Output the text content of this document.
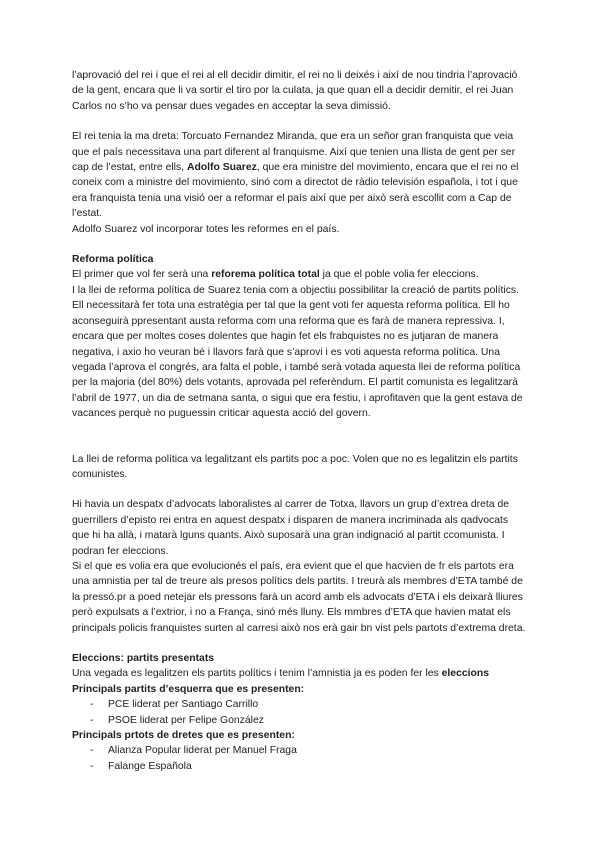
l’aprovació del rei i que el rei al ell decidir dimitir, el rei no li deixés i així de nou tindria l’aprovació de la gent, encara que li va sortir el tiro por la culata, ja que quan ell a decidir demitir, el rei Juan Carlos no s’ho va pensar dues vegades en acceptar la seva dimissió.

El rei tenia la ma dreta: Torcuato Fernandez Miranda, que era un señor gran franquista que veia que el país necessitava una part diferent al franquisme. Així que tenien una llista de gent per ser cap de l’estat, entre ells, Adolfo Suarez, que era ministre del movimiento, encara que el rei no el coneix com a ministre del movimiento, sinó com a directot de ràdio televisión española, i tot i que era franquista tenia una visió oer a reformar el país així que per això serà escollit com a Cap de l’estat.

Adolfo Suarez vol incorporar totes les reformes en el país.

Reforma política

El primer que vol fer serà una reforema política total ja que el poble volia fer eleccions.

I la llei de reforma política de Suarez tenia com a objectiu possibilitar la creació de partits polítics. Ell necessitarà fer tota una estratègia per tal que la gent voti fer aquesta reforma política. Ell ho aconseguirà ppresentant austa reforma com una reforma que es farà de manera repressiva. I, encara que per moltes coses dolentes que hagin fet els frabquistes no es jutjaran de manera negativa, i axio ho veuran bé i llavors farà que s’aprovi i es voti aquesta reforma política. Una vegada l’aprova el congrés, ara falta el poble, i també serà votada aquesta llei de reforma política per la majoria (del 80%) dels votants, aprovada pel referèndum. El partit comunista es legalitzarà l’abril de 1977, un dia de setmana santa, o sigui que era festiu, i aprofitaven que la gent estava de vacances perquè no puguessin criticar aquesta acció del govern.

La llei de reforma política va legalitzant els partits poc a poc. Volen que no es legalitzin els partits comunistes.

Hi havia un despatx d’advocats laboralistes al carrer de Totxa, llavors un grup d’extrea dreta de guerrillers d’episto rei entra en aquest despatx i disparen de manera incriminada als qadvocats que hi ha allà, i matarà lguns quants. Això suposarà una gran indignació al partit ccomunista. I podran fer eleccions.

Si el que es volia era que evolucionés el país, era evient que el que hacvien de fr els partots era una amnistia per tal de treure als presos polítics dels partits. I treurà als membres d’ETA també de la pressó.pr a poed netejar els pressons farà un acord amb els advocats d’ETA i els deixarà lliures però expulsats a l’extrior, i no a França, sinó més lluny. Els mmbres d’ETA que havien matat els principals policis franquistes surten al carresi això nos erà gair bn vist pels partots d’extrema dreta.

Eleccions: partits presentats

Una vegada es legalitzen els partits polítics i tenim l’amnistia ja es poden fer les eleccions

Principals partits d’esquerra que es presenten:

- PCE liderat per Santiago Carrillo
- PSOE liderat per Felipe González

Principals prtots de dretes que es presenten:

- Alianza Popular liderat per Manuel Fraga
- Falange Española
